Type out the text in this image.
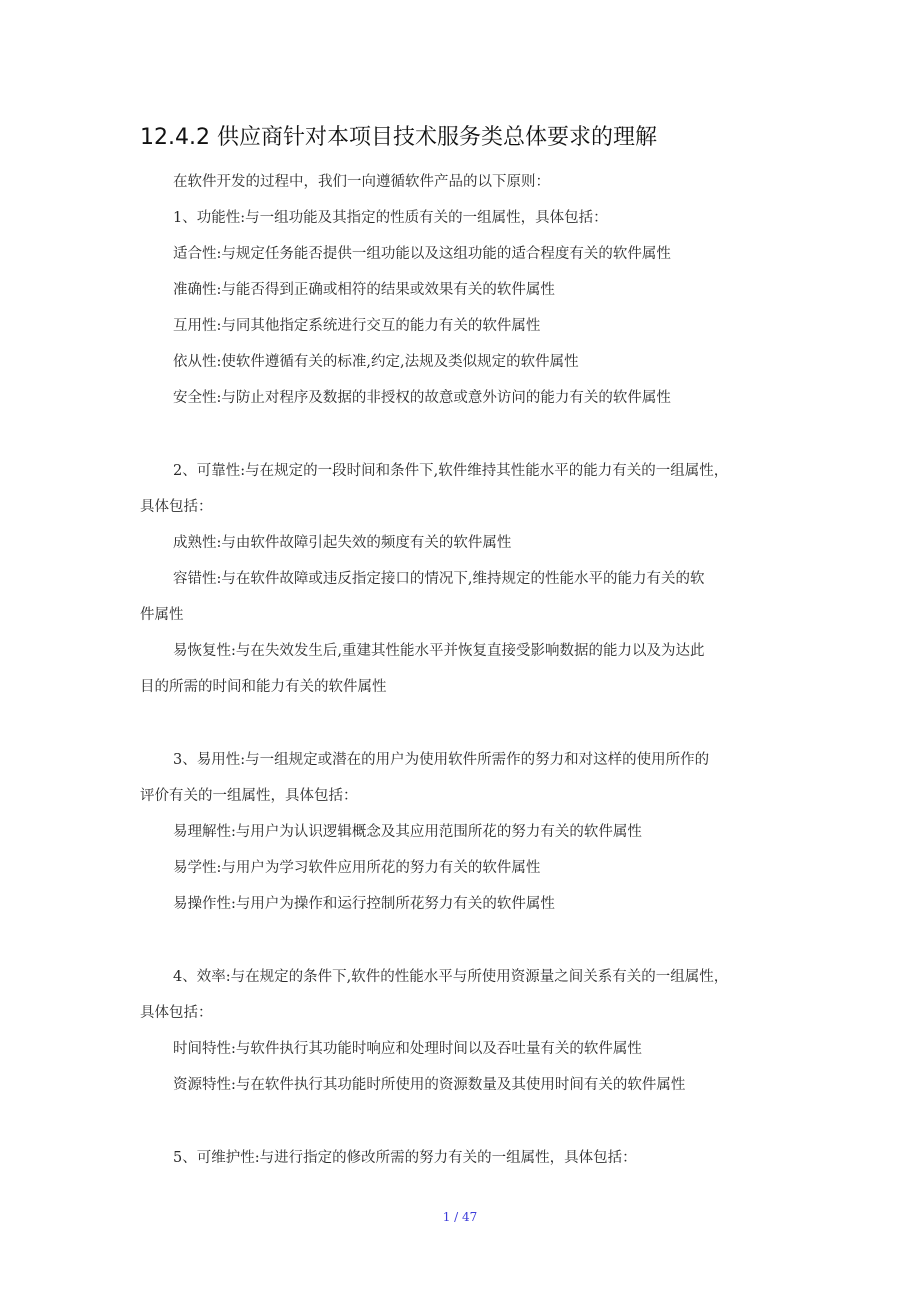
12.4.2 供应商针对本项目技术服务类总体要求的理解
在软件开发的过程中，我们一向遵循软件产品的以下原则：
1、功能性:与一组功能及其指定的性质有关的一组属性，具体包括：
适合性:与规定任务能否提供一组功能以及这组功能的适合程度有关的软件属性
准确性:与能否得到正确或相符的结果或效果有关的软件属性
互用性:与同其他指定系统进行交互的能力有关的软件属性
依从性:使软件遵循有关的标准,约定,法规及类似规定的软件属性
安全性:与防止对程序及数据的非授权的故意或意外访问的能力有关的软件属性
2、可靠性:与在规定的一段时间和条件下,软件维持其性能水平的能力有关的一组属性，
具体包括：
成熟性:与由软件故障引起失效的频度有关的软件属性
容错性:与在软件故障或违反指定接口的情况下,维持规定的性能水平的能力有关的软
件属性
易恢复性:与在失效发生后,重建其性能水平并恢复直接受影响数据的能力以及为达此
目的所需的时间和能力有关的软件属性
3、易用性:与一组规定或潜在的用户为使用软件所需作的努力和对这样的使用所作的
评价有关的一组属性，具体包括：
易理解性:与用户为认识逻辑概念及其应用范围所花的努力有关的软件属性
易学性:与用户为学习软件应用所花的努力有关的软件属性
易操作性:与用户为操作和运行控制所花努力有关的软件属性
4、效率:与在规定的条件下,软件的性能水平与所使用资源量之间关系有关的一组属性，
具体包括：
时间特性:与软件执行其功能时响应和处理时间以及吞吐量有关的软件属性
资源特性:与在软件执行其功能时所使用的资源数量及其使用时间有关的软件属性
5、可维护性:与进行指定的修改所需的努力有关的一组属性，具体包括：
1 / 47
